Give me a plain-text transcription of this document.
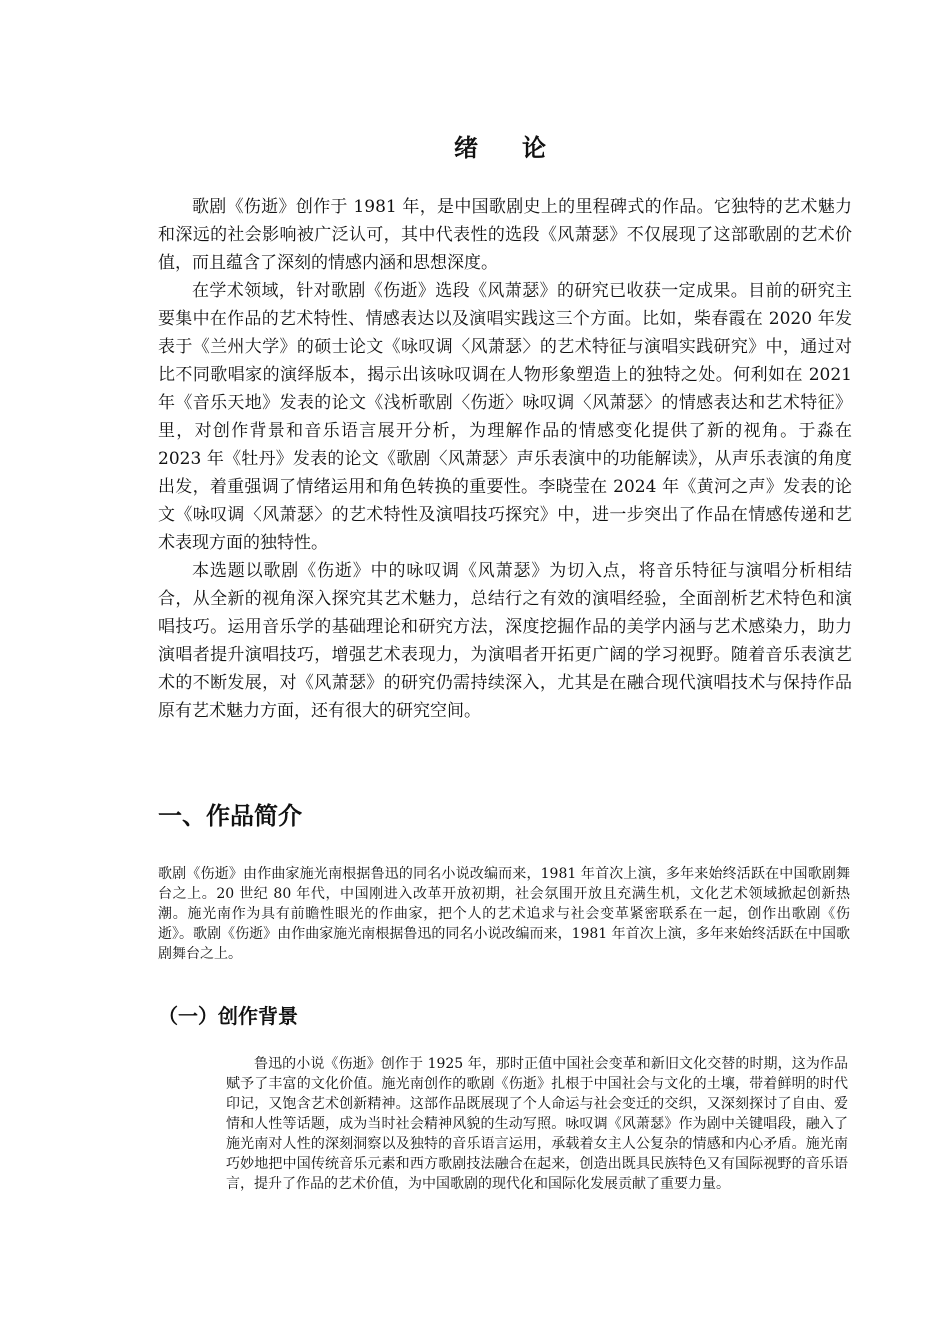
绪　论

歌剧《伤逝》创作于 1981 年，是中国歌剧史上的里程碑式的作品。它独特的艺术魅力和深远的社会影响被广泛认可，其中代表性的选段《风萧瑟》不仅展现了这部歌剧的艺术价值，而且蕴含了深刻的情感内涵和思想深度。

在学术领域，针对歌剧《伤逝》选段《风萧瑟》的研究已收获一定成果。目前的研究主要集中在作品的艺术特性、情感表达以及演唱实践这三个方面。比如，柴春霞在 2020 年发表于《兰州大学》的硕士论文《咏叹调〈风萧瑟〉的艺术特征与演唱实践研究》中，通过对比不同歌唱家的演绎版本，揭示出该咏叹调在人物形象塑造上的独特之处。何利如在 2021 年《音乐天地》发表的论文《浅析歌剧〈伤逝〉咏叹调〈风萧瑟〉的情感表达和艺术特征》里，对创作背景和音乐语言展开分析，为理解作品的情感变化提供了新的视角。于淼在 2023 年《牡丹》发表的论文《歌剧〈风萧瑟〉声乐表演中的功能解读》，从声乐表演的角度出发，着重强调了情绪运用和角色转换的重要性。李晓莹在 2024 年《黄河之声》发表的论文《咏叹调〈风萧瑟〉的艺术特性及演唱技巧探究》中，进一步突出了作品在情感传递和艺术表现方面的独特性。

本选题以歌剧《伤逝》中的咏叹调《风萧瑟》为切入点，将音乐特征与演唱分析相结合，从全新的视角深入探究其艺术魅力，总结行之有效的演唱经验，全面剖析艺术特色和演唱技巧。运用音乐学的基础理论和研究方法，深度挖掘作品的美学内涵与艺术感染力，助力演唱者提升演唱技巧，增强艺术表现力，为演唱者开拓更广阔的学习视野。随着音乐表演艺术的不断发展，对《风萧瑟》的研究仍需持续深入，尤其是在融合现代演唱技术与保持作品原有艺术魅力方面，还有很大的研究空间。

一、作品简介

歌剧《伤逝》由作曲家施光南根据鲁迅的同名小说改编而来，1981 年首次上演，多年来始终活跃在中国歌剧舞台之上。20 世纪 80 年代，中国刚进入改革开放初期，社会氛围开放且充满生机，文化艺术领域掀起创新热潮。施光南作为具有前瞻性眼光的作曲家，把个人的艺术追求与社会变革紧密联系在一起，创作出歌剧《伤逝》。歌剧《伤逝》由作曲家施光南根据鲁迅的同名小说改编而来，1981 年首次上演，多年来始终活跃在中国歌剧舞台之上。

（一）创作背景

鲁迅的小说《伤逝》创作于 1925 年，那时正值中国社会变革和新旧文化交替的时期，这为作品赋予了丰富的文化价值。施光南创作的歌剧《伤逝》扎根于中国社会与文化的土壤，带着鲜明的时代印记，又饱含艺术创新精神。这部作品既展现了个人命运与社会变迁的交织，又深刻探讨了自由、爱情和人性等话题，成为当时社会精神风貌的生动写照。咏叹调《风萧瑟》作为剧中关键唱段，融入了施光南对人性的深刻洞察以及独特的音乐语言运用，承载着女主人公复杂的情感和内心矛盾。施光南巧妙地把中国传统音乐元素和西方歌剧技法融合在起来，创造出既具民族特色又有国际视野的音乐语言，提升了作品的艺术价值，为中国歌剧的现代化和国际化发展贡献了重要力量。
